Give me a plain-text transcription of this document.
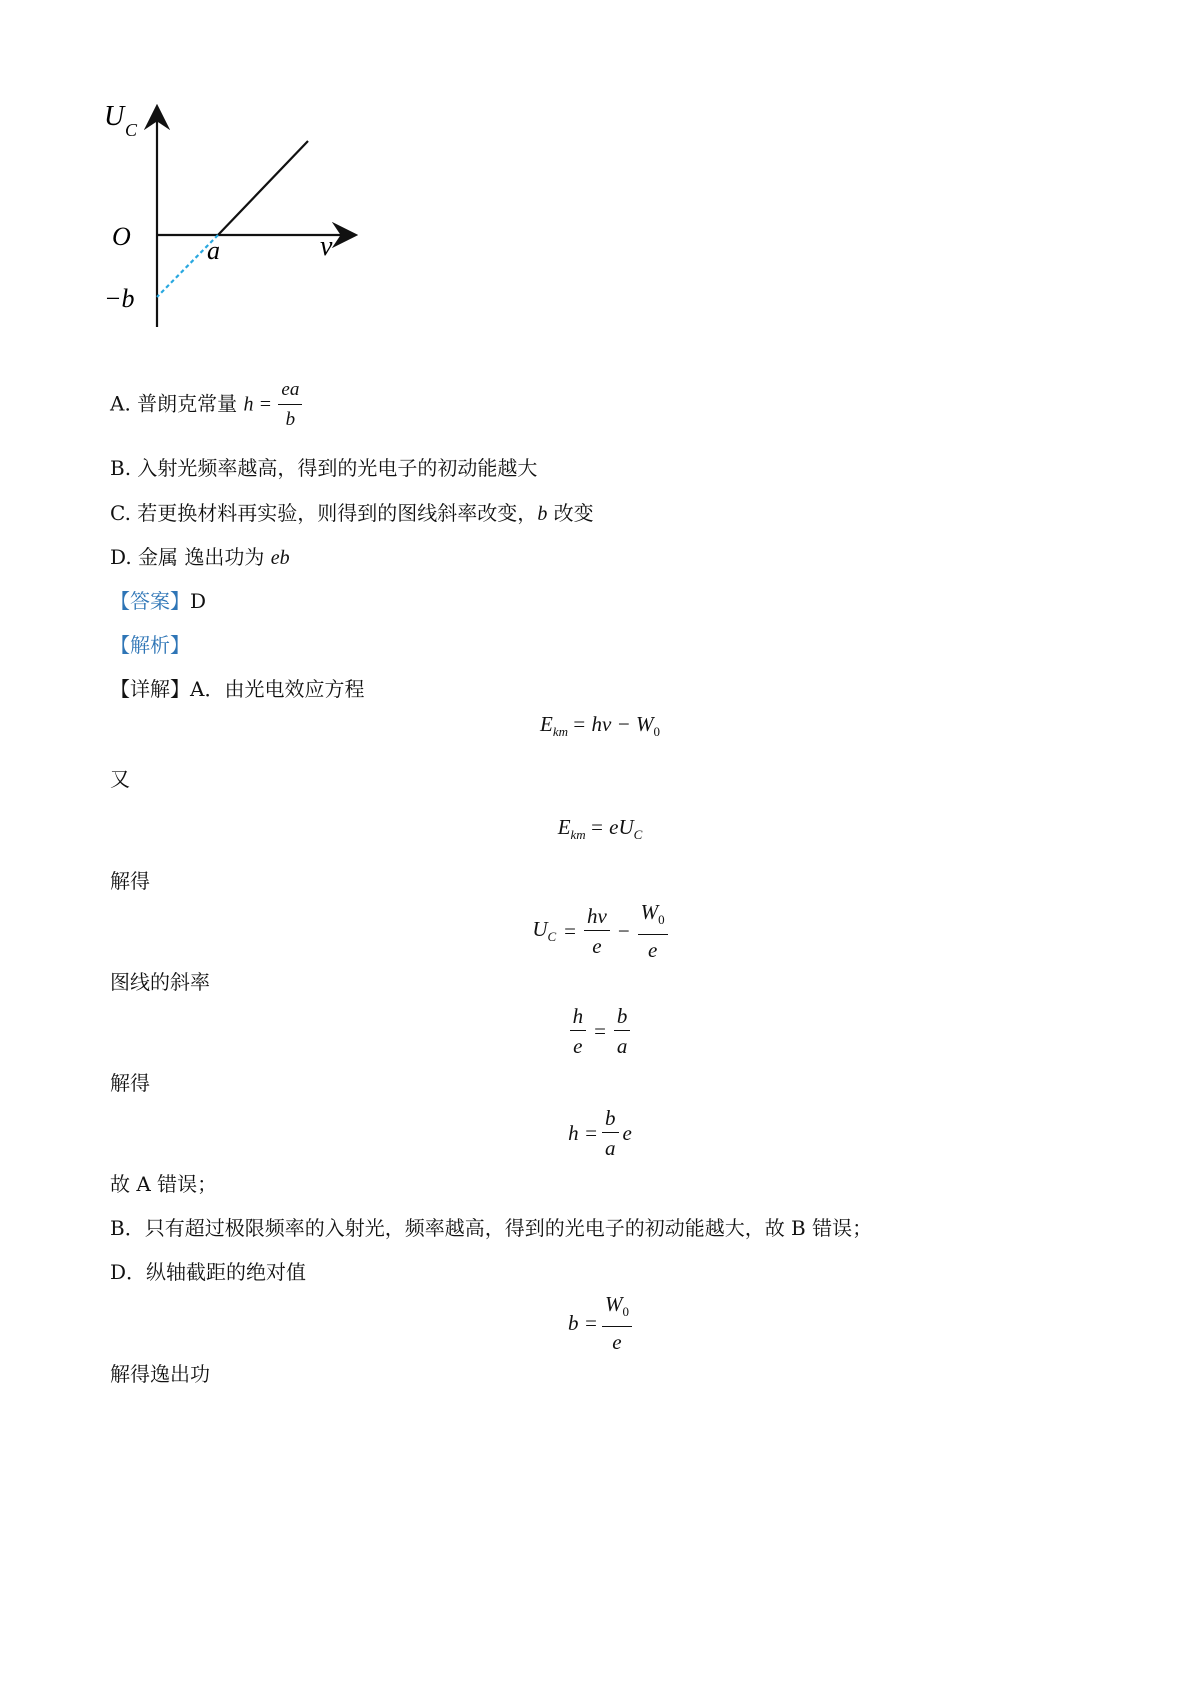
U C
ν
O	a
−b
A. 普朗克常量 $h = \frac{ea}{b}$
B. 入射光频率越高，得到的光电子的初动能越大
C. 若更换材料再实验，则得到的图线斜率改变，b 改变
D. 金属 逸出功为 eb
【答案】D
【解析】
【详解】A．由光电效应方程
$E_{km} = h\nu - W_0$
又
$E_{km} = eU_C$
解得
$U_C = \frac{h\nu}{e} - \frac{W_0}{e}$
图线的斜率
$\frac{h}{e} = \frac{b}{a}$
解得
$h = \frac{b}{a}$ e
故 A 错误；
B．只有超过极限频率的入射光，频率越高，得到的光电子的初动能越大，故 B 错误；
D．纵轴截距的绝对值
$b = \frac{W_0}{e}$
解得逸出功
